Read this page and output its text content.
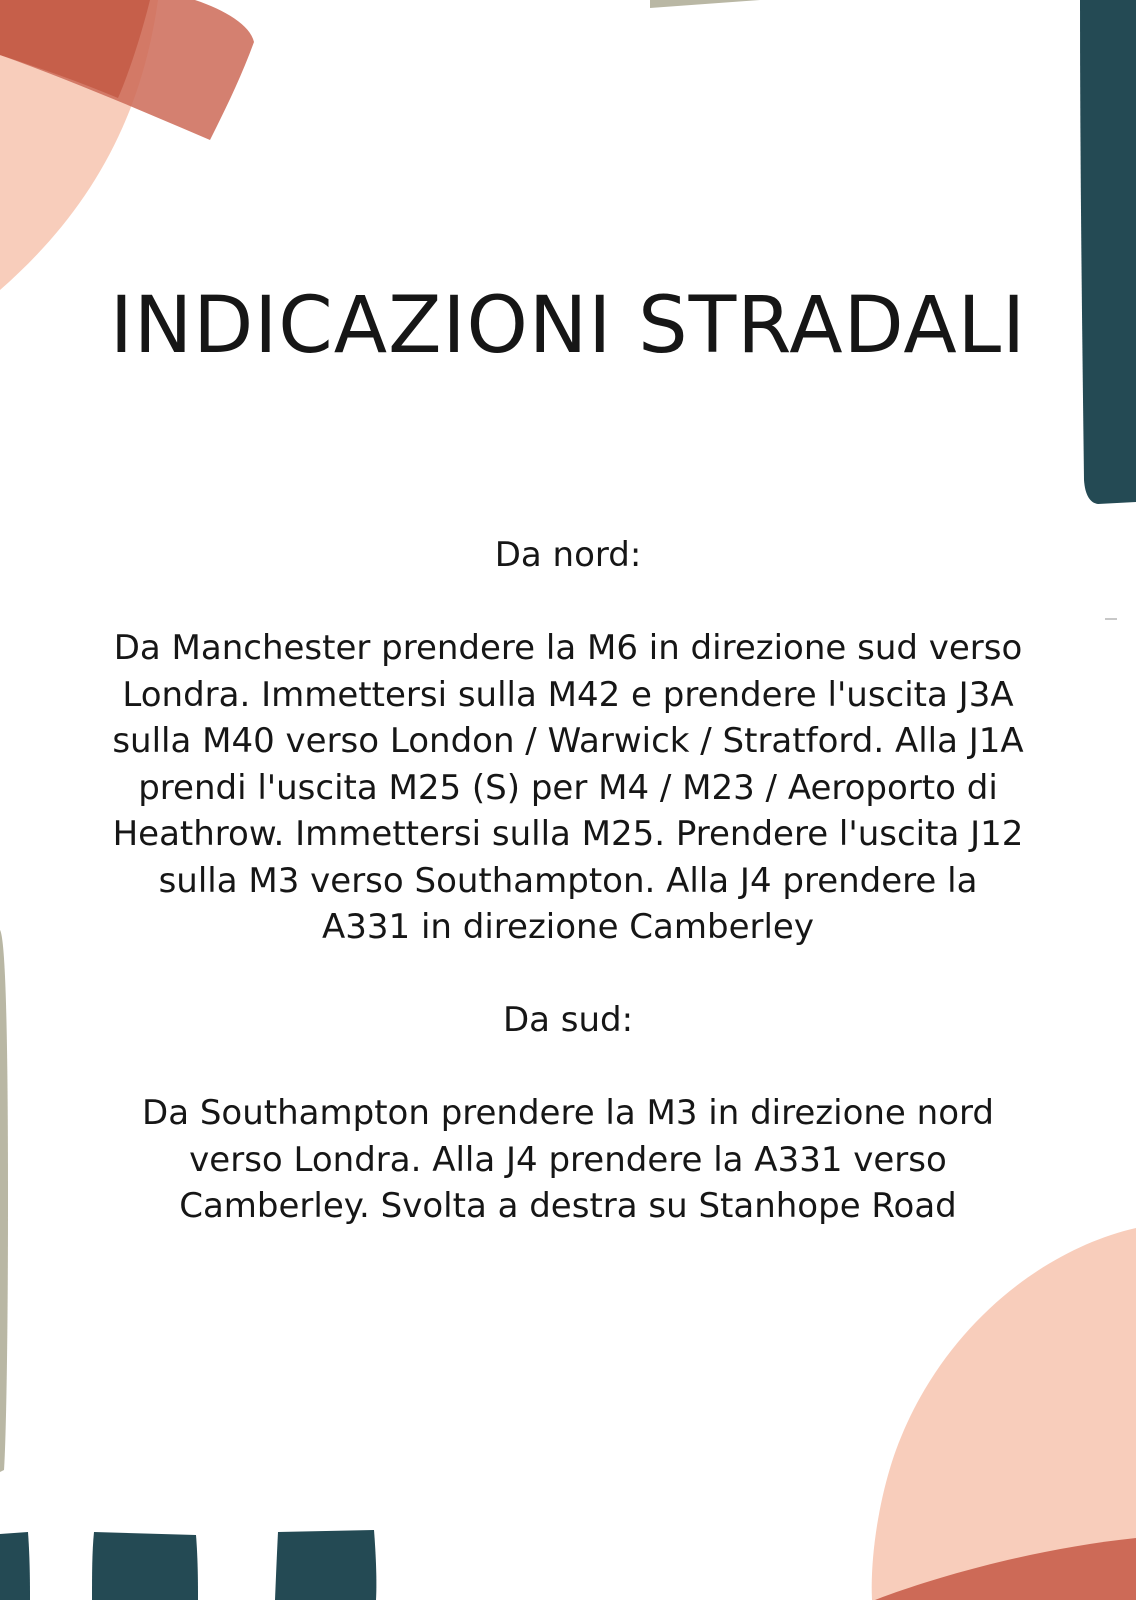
INDICAZIONI STRADALI

Da nord:

Da Manchester prendere la M6 in direzione sud verso Londra. Immettersi sulla M42 e prendere l'uscita J3A sulla M40 verso London / Warwick / Stratford. Alla J1A prendi l'uscita M25 (S) per M4 / M23 / Aeroporto di Heathrow. Immettersi sulla M25. Prendere l'uscita J12 sulla M3 verso Southampton. Alla J4 prendere la A331 in direzione Camberley

Da sud:

Da Southampton prendere la M3 in direzione nord verso Londra. Alla J4 prendere la A331 verso Camberley. Svolta a destra su Stanhope Road
